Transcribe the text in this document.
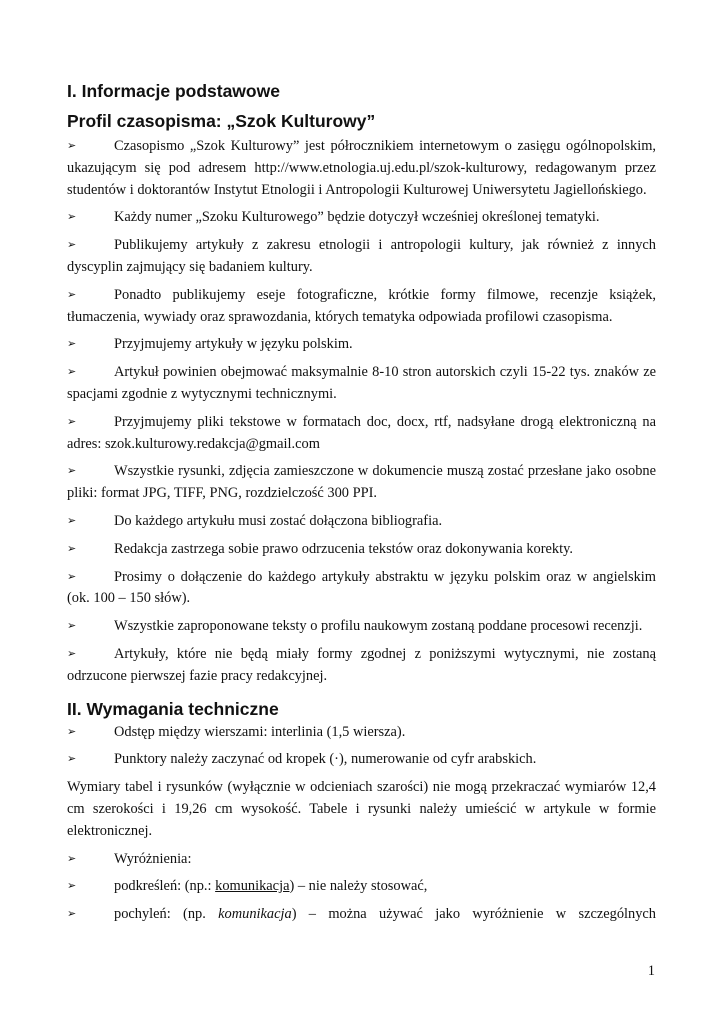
I. Informacje podstawowe
Profil czasopisma: „Szok Kulturowy”

➢	Czasopismo „Szok Kulturowy” jest półrocznikiem internetowym o zasięgu ogólnopolskim, ukazującym się pod adresem http://www.etnologia.uj.edu.pl/szok-kulturowy, redagowanym przez studentów i doktorantów Instytut Etnologii i Antropologii Kulturowej Uniwersytetu Jagiellońskiego.

➢	Każdy numer „Szoku Kulturowego” będzie dotyczył wcześniej określonej tematyki.

➢	Publikujemy artykuły z zakresu etnologii i antropologii kultury, jak również z innych dyscyplin zajmujący się badaniem kultury.

➢	Ponadto publikujemy eseje fotograficzne, krótkie formy filmowe, recenzje książek, tłumaczenia, wywiady oraz sprawozdania, których tematyka odpowiada profilowi czasopisma.

➢	Przyjmujemy artykuły w języku polskim.

➢	Artykuł powinien obejmować maksymalnie 8-10 stron autorskich czyli 15-22 tys. znaków ze spacjami zgodnie z wytycznymi technicznymi.

➢	Przyjmujemy pliki tekstowe w formatach doc, docx, rtf, nadsyłane drogą elektroniczną na adres: szok.kulturowy.redakcja@gmail.com

➢	Wszystkie rysunki, zdjęcia zamieszczone w dokumencie muszą zostać przesłane jako osobne pliki: format JPG, TIFF, PNG, rozdzielczość 300 PPI.

➢	Do każdego artykułu musi zostać dołączona bibliografia.

➢	Redakcja zastrzega sobie prawo odrzucenia tekstów oraz dokonywania korekty.

➢	Prosimy o dołączenie do każdego artykuły abstraktu w języku polskim oraz w angielskim (ok. 100 – 150 słów).

➢	Wszystkie zaproponowane teksty o profilu naukowym zostaną poddane procesowi recenzji.

➢	Artykuły, które nie będą miały formy zgodnej z poniższymi wytycznymi, nie zostaną odrzucone pierwszej fazie pracy redakcyjnej.

II. Wymagania techniczne

➢	Odstęp między wierszami: interlinia (1,5 wiersza).

➢	Punktory należy zaczynać od kropek (·), numerowanie od cyfr arabskich.

Wymiary tabel i rysunków (wyłącznie w odcieniach szarości) nie mogą przekraczać wymiarów 12,4 cm szerokości i 19,26 cm wysokość. Tabele i rysunki należy umieścić w artykule w formie elektronicznej.

➢	Wyróżnienia:

➢	podkreśleń: (np.: komunikacja) – nie należy stosować,

➢	pochyleń: (np. komunikacja) – można używać jako wyróżnienie w szczególnych

1
